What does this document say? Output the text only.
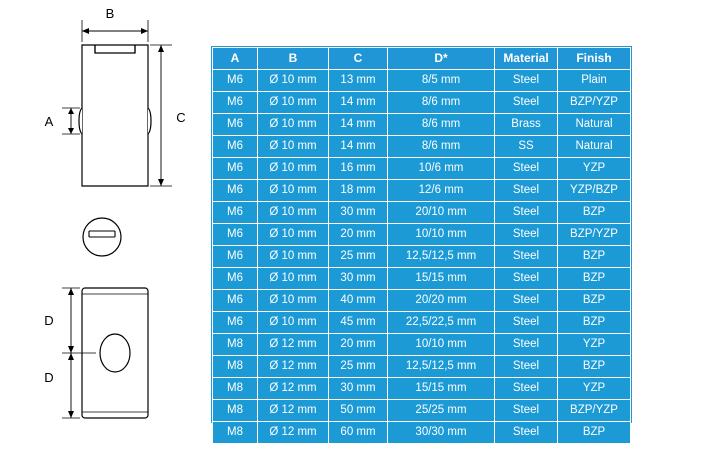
B
A	C
D
D
A	B	C	D*	Material	Finish
M6	Ø 10 mm	13 mm	8/5 mm	Steel	Plain
M6	Ø 10 mm	14 mm	8/6 mm	Steel	BZP/YZP
M6	Ø 10 mm	14 mm	8/6 mm	Brass	Natural
M6	Ø 10 mm	14 mm	8/6 mm	SS	Natural
M6	Ø 10 mm	16 mm	10/6 mm	Steel	YZP
M6	Ø 10 mm	18 mm	12/6 mm	Steel	YZP/BZP
M6	Ø 10 mm	30 mm	20/10 mm	Steel	BZP
M6	Ø 10 mm	20 mm	10/10 mm	Steel	BZP/YZP
M6	Ø 10 mm	25 mm	12,5/12,5 mm	Steel	BZP
M6	Ø 10 mm	30 mm	15/15 mm	Steel	BZP
M6	Ø 10 mm	40 mm	20/20 mm	Steel	BZP
M6	Ø 10 mm	45 mm	22,5/22,5 mm	Steel	BZP
M8	Ø 12 mm	20 mm	10/10 mm	Steel	YZP
M8	Ø 12 mm	25 mm	12,5/12,5 mm	Steel	BZP
M8	Ø 12 mm	30 mm	15/15 mm	Steel	YZP
M8	Ø 12 mm	50 mm	25/25 mm	Steel	BZP/YZP
M8	Ø 12 mm	60 mm	30/30 mm	Steel	BZP
